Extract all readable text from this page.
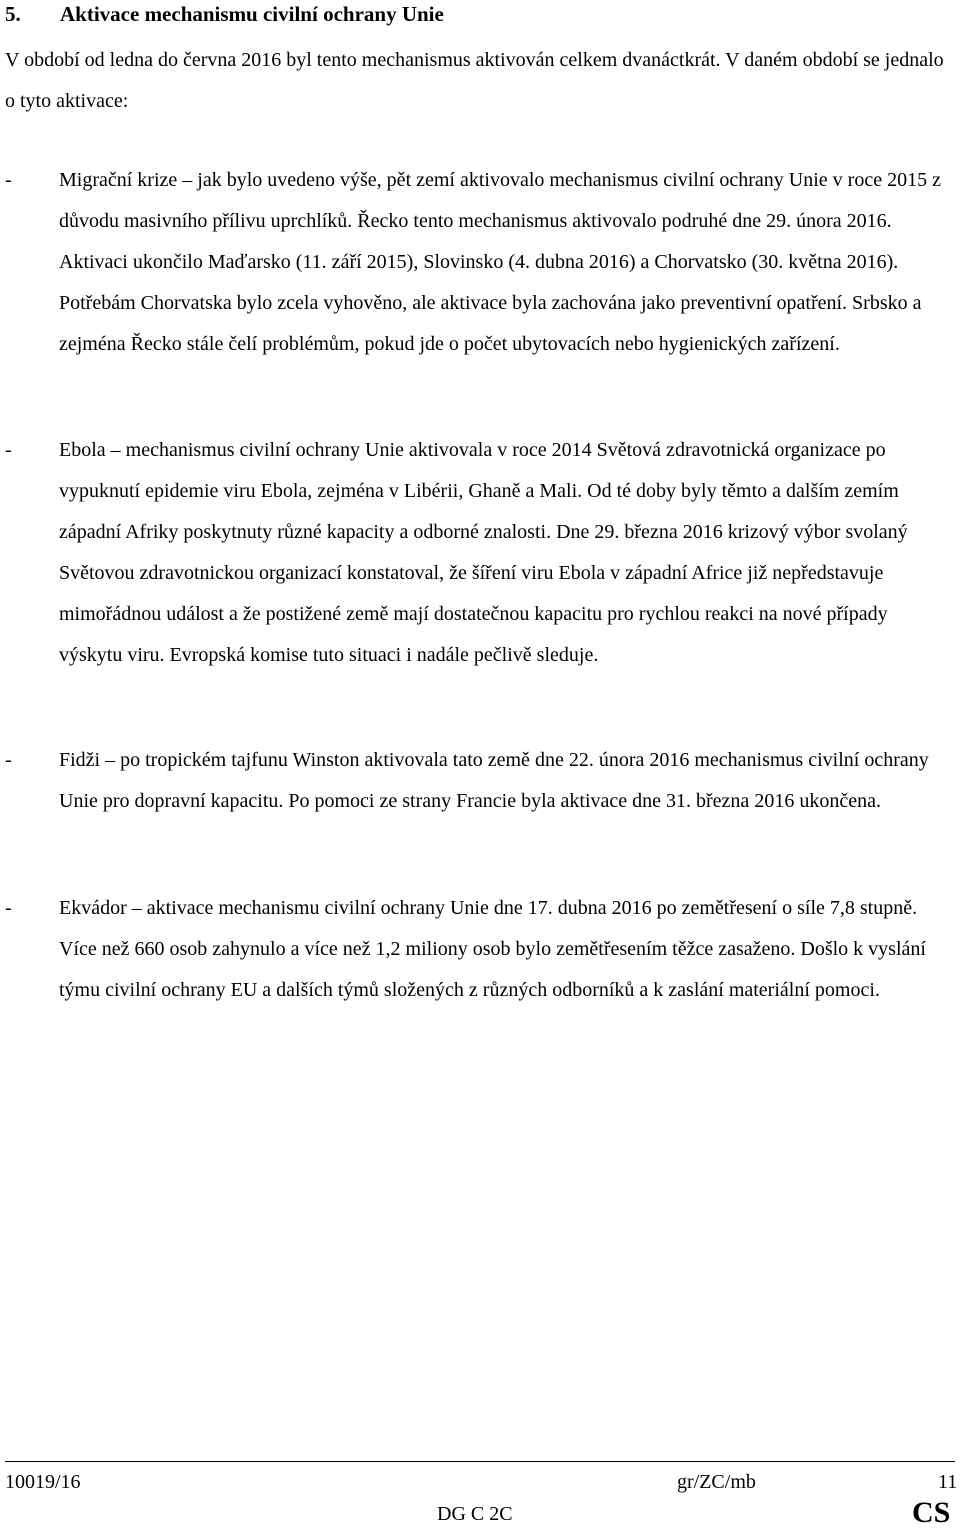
5. Aktivace mechanismu civilní ochrany Unie

V období od ledna do června 2016 byl tento mechanismus aktivován celkem dvanáctkrát. V daném období se jednalo o tyto aktivace:

- Migrační krize – jak bylo uvedeno výše, pět zemí aktivovalo mechanismus civilní ochrany Unie v roce 2015 z důvodu masivního přílivu uprchlíků. Řecko tento mechanismus aktivovalo podruhé dne 29. února 2016. Aktivaci ukončilo Maďarsko (11. září 2015), Slovinsko (4. dubna 2016) a Chorvatsko (30. května 2016). Potřebám Chorvatska bylo zcela vyhověno, ale aktivace byla zachována jako preventivní opatření. Srbsko a zejména Řecko stále čelí problémům, pokud jde o počet ubytovacích nebo hygienických zařízení.
- Ebola – mechanismus civilní ochrany Unie aktivovala v roce 2014 Světová zdravotnická organizace po vypuknutí epidemie viru Ebola, zejména v Libérii, Ghaně a Mali. Od té doby byly těmto a dalším zemím západní Afriky poskytnuty různé kapacity a odborné znalosti. Dne 29. března 2016 krizový výbor svolaný Světovou zdravotnickou organizací konstatoval, že šíření viru Ebola v západní Africe již nepředstavuje mimořádnou událost a že postižené země mají dostatečnou kapacitu pro rychlou reakci na nové případy výskytu viru. Evropská komise tuto situaci i nadále pečlivě sleduje.
- Fidži – po tropickém tajfunu Winston aktivovala tato země dne 22. února 2016 mechanismus civilní ochrany Unie pro dopravní kapacitu. Po pomoci ze strany Francie byla aktivace dne 31. března 2016 ukončena.
- Ekvádor – aktivace mechanismu civilní ochrany Unie dne 17. dubna 2016 po zemětřesení o síle 7,8 stupně. Více než 660 osob zahynulo a více než 1,2 miliony osob bylo zemětřesením těžce zasaženo. Došlo k vyslání týmu civilní ochrany EU a dalších týmů složených z různých odborníků a k zaslání materiální pomoci.
10019/16	gr/ZC/mb	11
DG C 2C	CS
